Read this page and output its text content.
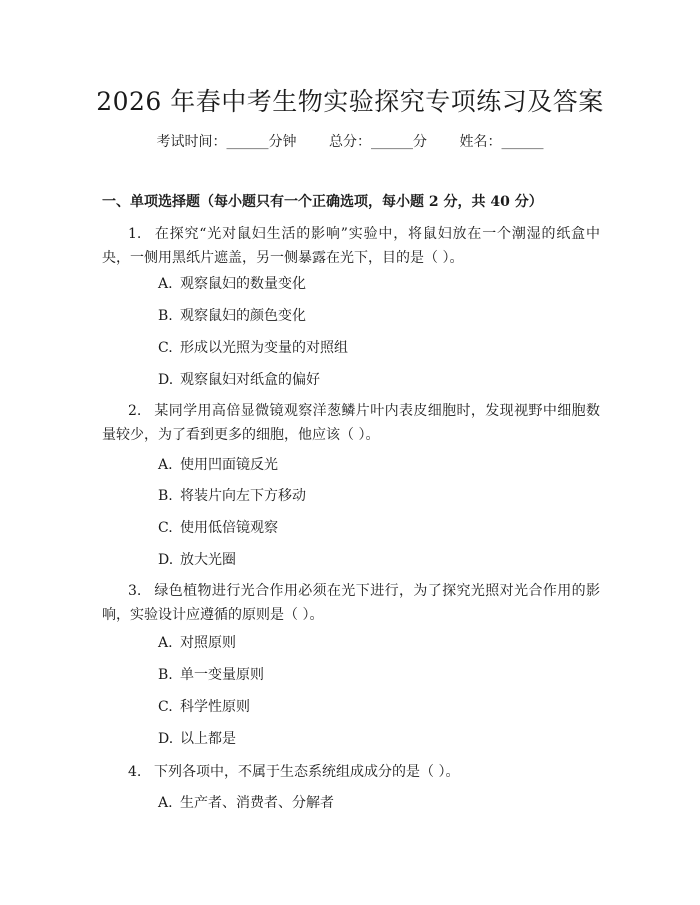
2026 年春中考生物实验探究专项练习及答案
考试时间：______分钟 总分：______分 姓名：______
一、单项选择题（每小题只有一个正确选项，每小题 2 分，共 40 分）
1. 在探究“光对鼠妇生活的影响”实验中，将鼠妇放在一个潮湿的纸盒中央，一侧用黑纸片遮盖，另一侧暴露在光下，目的是（ ）。
A. 观察鼠妇的数量变化
B. 观察鼠妇的颜色变化
C. 形成以光照为变量的对照组
D. 观察鼠妇对纸盒的偏好
2. 某同学用高倍显微镜观察洋葱鳞片叶内表皮细胞时，发现视野中细胞数量较少，为了看到更多的细胞，他应该（ ）。
A. 使用凹面镜反光
B. 将装片向左下方移动
C. 使用低倍镜观察
D. 放大光圈
3. 绿色植物进行光合作用必须在光下进行，为了探究光照对光合作用的影响，实验设计应遵循的原则是（ ）。
A. 对照原则
B. 单一变量原则
C. 科学性原则
D. 以上都是
4. 下列各项中，不属于生态系统组成成分的是（ ）。
A. 生产者、消费者、分解者
